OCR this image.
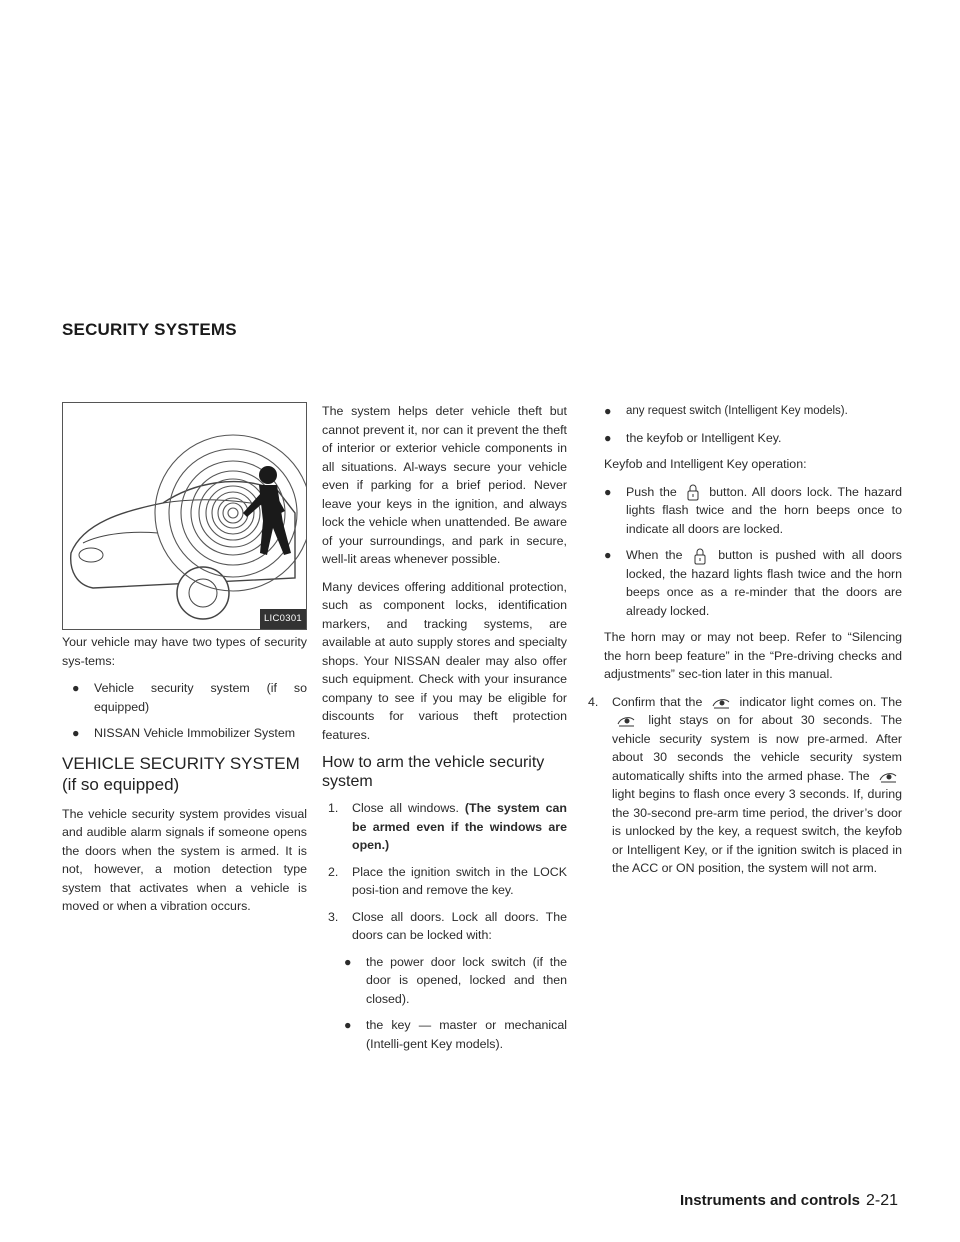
SECURITY SYSTEMS
LIC0301

Your vehicle may have two types of security sys-tems:

●	Vehicle security system (if so equipped)
●	NISSAN Vehicle Immobilizer System
VEHICLE SECURITY SYSTEM (if so equipped)

The vehicle security system provides visual and audible alarm signals if someone opens the doors when the system is armed. It is not, however, a motion detection type system that activates when a vehicle is moved or when a vibration occurs.

The system helps deter vehicle theft but cannot prevent it, nor can it prevent the theft of interior or exterior vehicle components in all situations. Al-ways secure your vehicle even if parking for a brief period. Never leave your keys in the ignition, and always lock the vehicle when unattended. Be aware of your surroundings, and park in secure, well-lit areas whenever possible.

Many devices offering additional protection, such as component locks, identification markers, and tracking systems, are available at auto supply stores and specialty shops. Your NISSAN dealer may also offer such equipment. Check with your insurance company to see if you may be eligible for discounts for various theft protection features.

How to arm the vehicle security system
1.	Close all windows. (The system can be armed even if the windows are open.)
2.	Place the ignition switch in the LOCK posi-tion and remove the key.
3.	Close all doors. Lock all doors. The doors can be locked with:
●	the power door lock switch (if the door is opened, locked and then closed).
●	the key — master or mechanical (Intelli-gent Key models).
●	any request switch (Intelligent Key models).
●	the keyfob or Intelligent Key.

Keyfob and Intelligent Key operation:

●	Push the	button. All doors lock. The hazard lights flash twice and the horn beeps once to indicate all doors are locked.
●	When the	button is pushed with all doors locked, the hazard lights flash twice and the horn beeps once as a re-minder that the doors are already locked.

The horn may or may not beep. Refer to “Silencing the horn beep feature” in the “Pre-driving checks and adjustments” sec-tion later in this manual.

4.	Confirm that the	indicator light comes on. The  light stays on for about 30 seconds. The vehicle security system is now pre-armed. After about 30 seconds the vehicle security system automatically shifts into the armed phase. The  light begins to flash once every 3 seconds. If, during the 30-second pre-arm time period, the driver’s door is unlocked by the key, a request switch, the keyfob or Intelligent Key, or if the ignition switch is placed in the ACC or ON position, the system will not arm.
Instruments and controls 2-21
